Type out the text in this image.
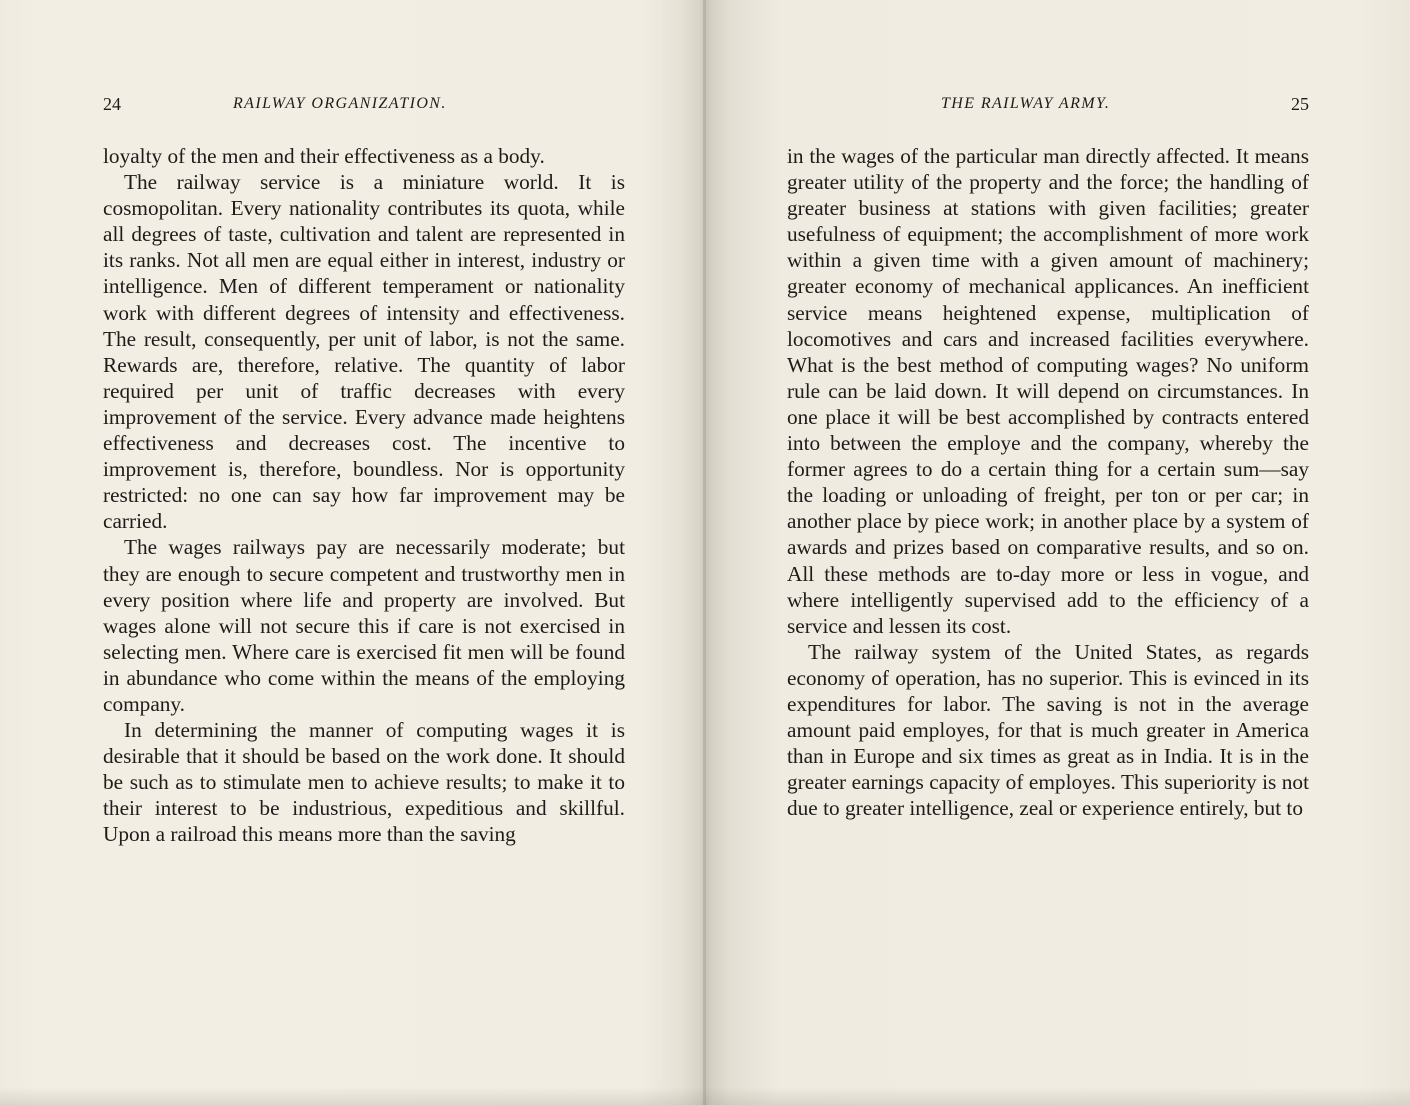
24	RAILWAY ORGANIZATION.

loyalty of the men and their effectiveness as a body.

The railway service is a miniature world. It is cosmopolitan. Every nationality contributes its quota, while all degrees of taste, cultivation and talent are represented in its ranks. Not all men are equal either in interest, industry or intelligence. Men of different temperament or nationality work with different degrees of intensity and effectiveness. The result, consequently, per unit of labor, is not the same. Rewards are, therefore, relative. The quantity of labor required per unit of traffic decreases with every improvement of the service. Every advance made heightens effectiveness and decreases cost. The incentive to improvement is, therefore, boundless. Nor is opportunity restricted: no one can say how far improvement may be carried.

The wages railways pay are necessarily moderate; but they are enough to secure competent and trustworthy men in every position where life and property are involved. But wages alone will not secure this if care is not exercised in selecting men. Where care is exercised fit men will be found in abundance who come within the means of the employing company.

In determining the manner of computing wages it is desirable that it should be based on the work done. It should be such as to stimulate men to achieve results; to make it to their interest to be industrious, expeditious and skillful. Upon a railroad this means more than the saving

THE RAILWAY ARMY.	25

in the wages of the particular man directly affected. It means greater utility of the property and the force; the handling of greater business at stations with given facilities; greater usefulness of equipment; the accomplishment of more work within a given time with a given amount of machinery; greater economy of mechanical applicances. An inefficient service means heightened expense, multiplication of locomotives and cars and increased facilities everywhere. What is the best method of computing wages? No uniform rule can be laid down. It will depend on circumstances. In one place it will be best accomplished by contracts entered into between the employe and the company, whereby the former agrees to do a certain thing for a certain sum—say the loading or unloading of freight, per ton or per car; in another place by piece work; in another place by a system of awards and prizes based on comparative results, and so on. All these methods are to-day more or less in vogue, and where intelligently supervised add to the efficiency of a service and lessen its cost.

The railway system of the United States, as regards economy of operation, has no superior. This is evinced in its expenditures for labor. The saving is not in the average amount paid employes, for that is much greater in America than in Europe and six times as great as in India. It is in the greater earnings capacity of employes. This superiority is not due to greater intelligence, zeal or experience entirely, but to
